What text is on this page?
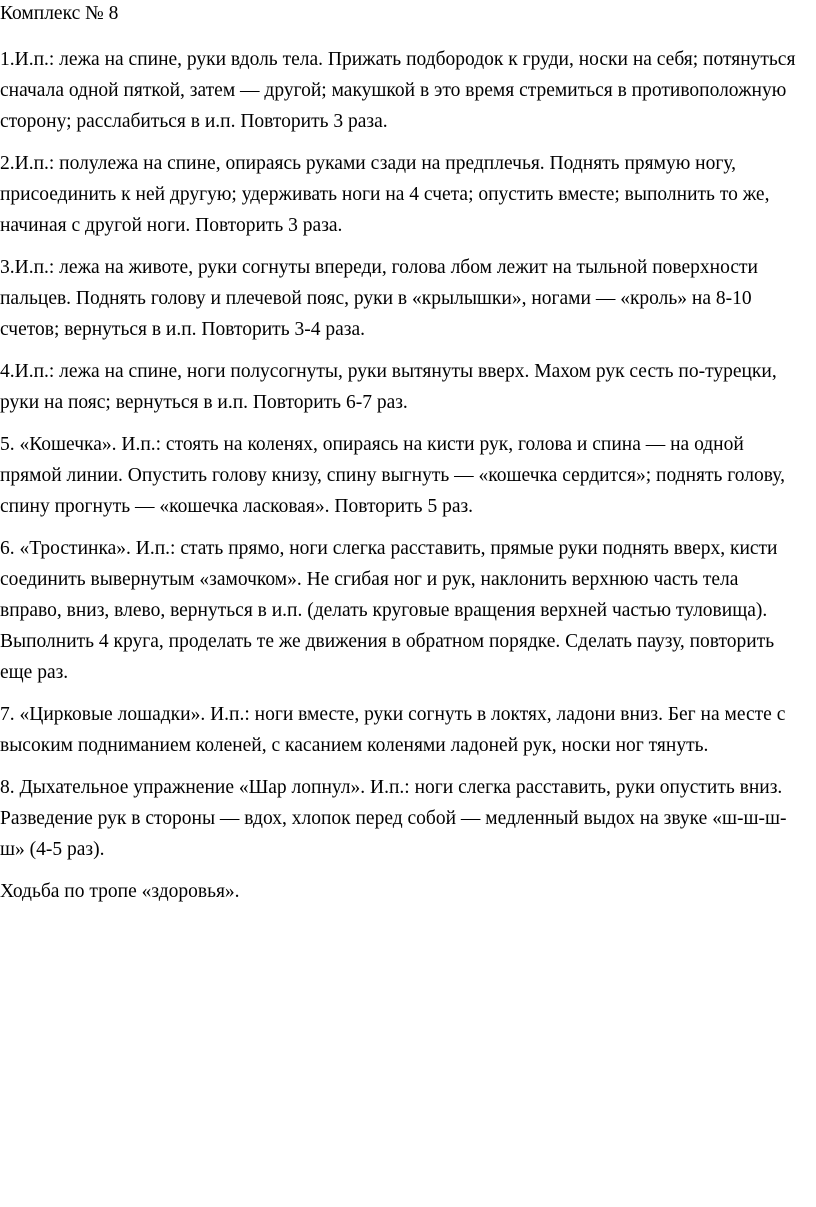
Комплекс № 8

1.И.п.: лежа на спине, руки вдоль тела. Прижать подбородок к груди, носки на себя; потянуться сначала одной пяткой, затем — другой; макушкой в это время стремиться в противоположную сторону; расслабиться в и.п. Повторить 3 раза.

2.И.п.: полулежа на спине, опираясь руками сзади на предплечья. Поднять прямую ногу, присоединить к ней другую; удерживать ноги на 4 счета; опустить вместе; выполнить то же, начиная с другой ноги. Повторить 3 раза.

3.И.п.: лежа на животе, руки согнуты впереди, голова лбом лежит на тыльной поверхности пальцев. Поднять голову и плечевой пояс, руки в «крылышки», ногами — «кроль» на 8-10 счетов; вернуться в и.п. Повторить 3-4 раза.

4.И.п.: лежа на спине, ноги полусогнуты, руки вытянуты вверх. Махом рук сесть по-турецки, руки на пояс; вернуться в и.п. Повторить 6-7 раз.

5. «Кошечка». И.п.: стоять на коленях, опираясь на кисти рук, голова и спина — на одной прямой линии. Опустить голову книзу, спину выгнуть — «кошечка сердится»; поднять голову, спину прогнуть — «кошечка ласковая». Повторить 5 раз.

6. «Тростинка». И.п.: стать прямо, ноги слегка расставить, прямые руки поднять вверх, кисти соединить вывернутым «замочком». Не сгибая ног и рук, наклонить верхнюю часть тела вправо, вниз, влево, вернуться в и.п. (делать круговые вращения верхней частью туловища). Выполнить 4 круга, проделать те же движения в обратном порядке. Сделать паузу, повторить еще раз.

7. «Цирковые лошадки». И.п.: ноги вместе, руки согнуть в локтях, ладони вниз. Бег на месте с высоким подниманием коленей, с касанием коленями ладоней рук, носки ног тянуть.

8. Дыхательное упражнение «Шар лопнул». И.п.: ноги слегка расставить, руки опустить вниз. Разведение рук в стороны — вдох, хлопок перед собой — медленный выдох на звуке «ш-ш-ш-ш» (4-5 раз).

Ходьба по тропе «здоровья».
